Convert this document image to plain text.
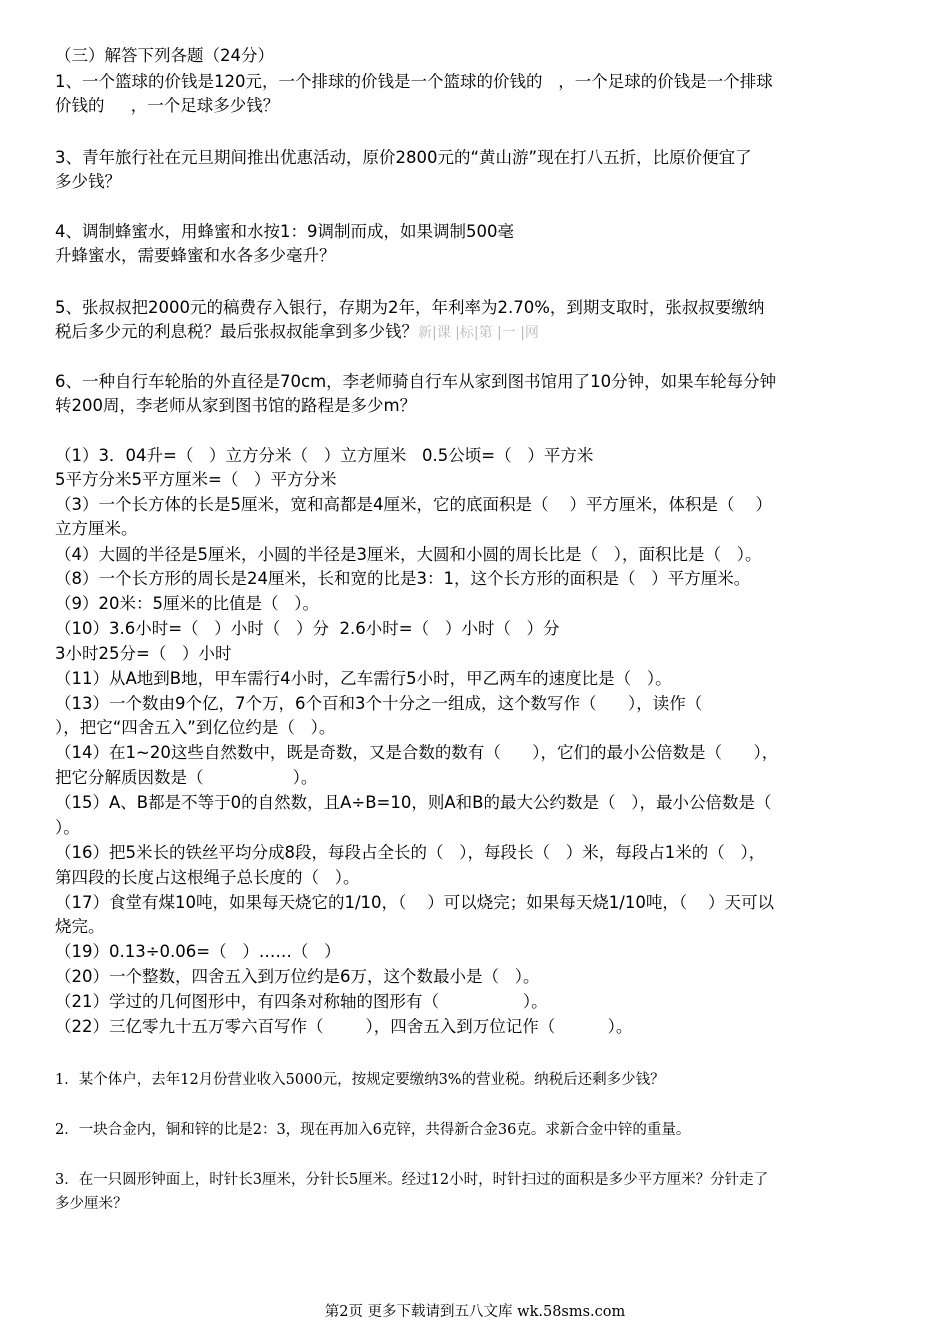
（三）解答下列各题（24分）
1、一个篮球的价钱是120元，一个排球的价钱是一个篮球的价钱的   ，一个足球的价钱是一个排球
价钱的     ，一个足球多少钱？
3、青年旅行社在元旦期间推出优惠活动，原价2800元的“黄山游”现在打八五折，比原价便宜了
多少钱？
4、调制蜂蜜水，用蜂蜜和水按1：9调制而成，如果调制500毫
升蜂蜜水，需要蜂蜜和水各多少毫升？
5、张叔叔把2000元的稿费存入银行，存期为2年，年利率为2.70%，到期支取时，张叔叔要缴纳
税后多少元的利息税？最后张叔叔能拿到多少钱？新|课 |标|第 |一 |网
6、一种自行车轮胎的外直径是70cm，李老师骑自行车从家到图书馆用了10分钟，如果车轮每分钟
转200周，李老师从家到图书馆的路程是多少m？
（1）3．04升=（   ）立方分米（   ）立方厘米   0.5公顷=（   ）平方米
5平方分米5平方厘米=（   ）平方分米
（3）一个长方体的长是5厘米，宽和高都是4厘米，它的底面积是（    ）平方厘米，体积是（    ）
立方厘米。
（4）大圆的半径是5厘米，小圆的半径是3厘米，大圆和小圆的周长比是（   ），面积比是（   ）。
（8）一个长方形的周长是24厘米，长和宽的比是3：1，这个长方形的面积是（   ）平方厘米。
（9）20米：5厘米的比值是（   ）。
（10）3.6小时=（   ）小时（   ）分  2.6小时=（   ）小时（   ）分
3小时25分=（   ）小时
（11）从A地到B地，甲车需行4小时，乙车需行5小时，甲乙两车的速度比是（   ）。
（13）一个数由9个亿，7个万，6个百和3个十分之一组成，这个数写作（      ），读作（
），把它“四舍五入”到亿位约是（   ）。
（14）在1~20这些自然数中，既是奇数，又是合数的数有（      ），它们的最小公倍数是（      ），
把它分解质因数是（                 ）。
（15）A、B都是不等于0的自然数，且A÷B=10，则A和B的最大公约数是（   ），最小公倍数是（
）。
（16）把5米长的铁丝平均分成8段，每段占全长的（   ），每段长（   ）米，每段占1米的（   ），
第四段的长度占这根绳子总长度的（   ）。
（17）食堂有煤10吨，如果每天烧它的1/10，（    ）可以烧完；如果每天烧1/10吨，（    ）天可以
烧完。
（19）0.13÷0.06=（   ）……（   ）
（20）一个整数，四舍五入到万位约是6万，这个数最小是（   ）。
（21）学过的几何图形中，有四条对称轴的图形有（                ）。
（22）三亿零九十五万零六百写作（        ），四舍五入到万位记作（          ）。
1．某个体户，去年12月份营业收入5000元，按规定要缴纳3%的营业税。纳税后还剩多少钱？
2．一块合金内，铜和锌的比是2：3，现在再加入6克锌，共得新合金36克。求新合金中锌的重量。
3．在一只圆形钟面上，时针长3厘米，分针长5厘米。经过12小时，时针扫过的面积是多少平方厘米？分针走了
多少厘米？
第2页 更多下载请到五八文库 wk.58sms.com
